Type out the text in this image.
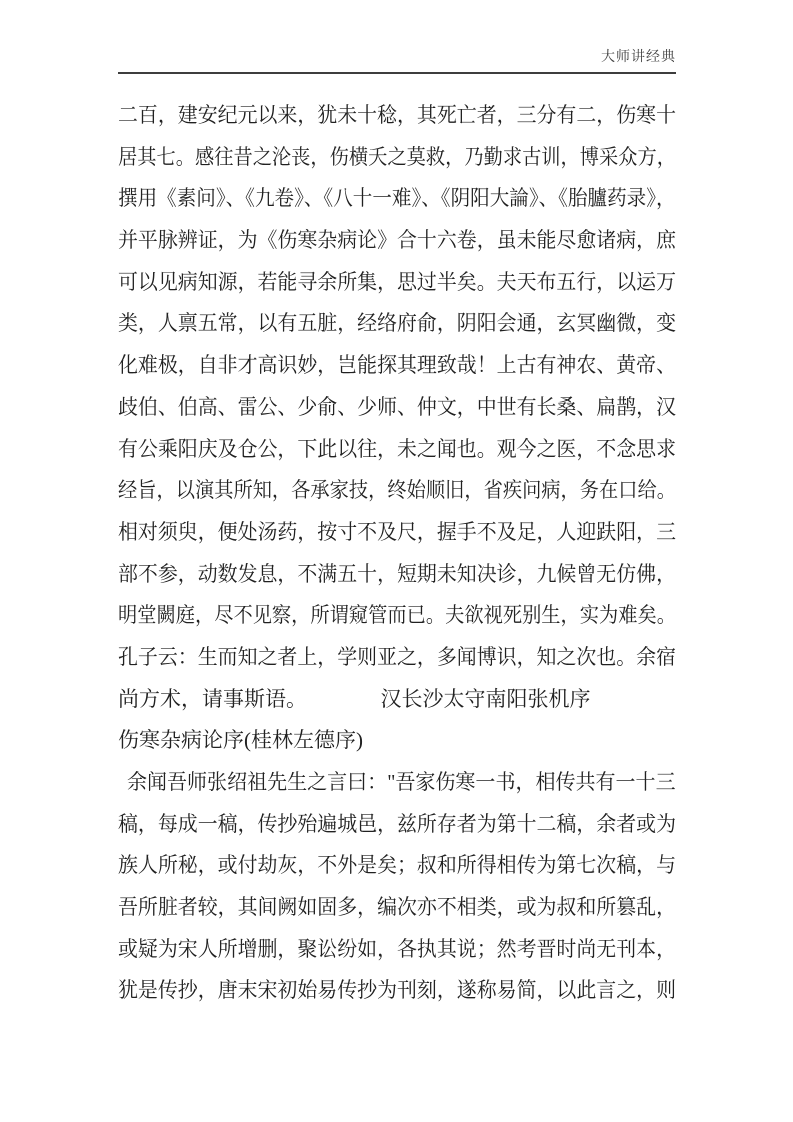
大师讲经典
二百，建安纪元以来，犹未十稔，其死亡者，三分有二，伤寒十
居其七。感往昔之沦丧，伤横夭之莫救，乃勤求古训，博采众方，
撰用《素问》、《九卷》、《八十一难》、《阴阳大論》、《胎臚药录》，
并平脉辨证，为《伤寒杂病论》合十六卷，虽未能尽愈诸病，庶
可以见病知源，若能寻余所集，思过半矣。夫天布五行，以运万
类，人禀五常，以有五脏，经络府俞，阴阳会通，玄冥幽微，变
化难极，自非才高识妙，岂能探其理致哉！上古有神农、黄帝、
歧伯、伯高、雷公、少俞、少师、仲文，中世有长桑、扁鹊，汉
有公乘阳庆及仓公，下此以往，未之闻也。观今之医，不念思求
经旨，以演其所知，各承家技，终始顺旧，省疾问病，务在口给。
相对须臾，便处汤药，按寸不及尺，握手不及足，人迎趺阳，三
部不参，动数发息，不满五十，短期未知决诊，九候曾无仿佛，
明堂闕庭，尽不见察，所谓窥管而已。夫欲视死别生，实为难矣。
孔子云：生而知之者上，学则亚之，多闻博识，知之次也。余宿
尚方术，请事斯语。　　　　汉长沙太守南阳张机序
伤寒杂病论序(桂林左德序)
余闻吾师张绍祖先生之言曰："吾家伤寒一书，相传共有一十三
稿，每成一稿，传抄殆遍城邑，兹所存者为第十二稿，余者或为
族人所秘，或付劫灰，不外是矣；叔和所得相传为第七次稿，与
吾所脏者较，其间阙如固多，编次亦不相类，或为叔和所篡乱，
或疑为宋人所增删，聚讼纷如，各执其说；然考晋时尚无刊本，
犹是传抄，唐末宋初始易传抄为刊刻，遂称易简，以此言之，则
